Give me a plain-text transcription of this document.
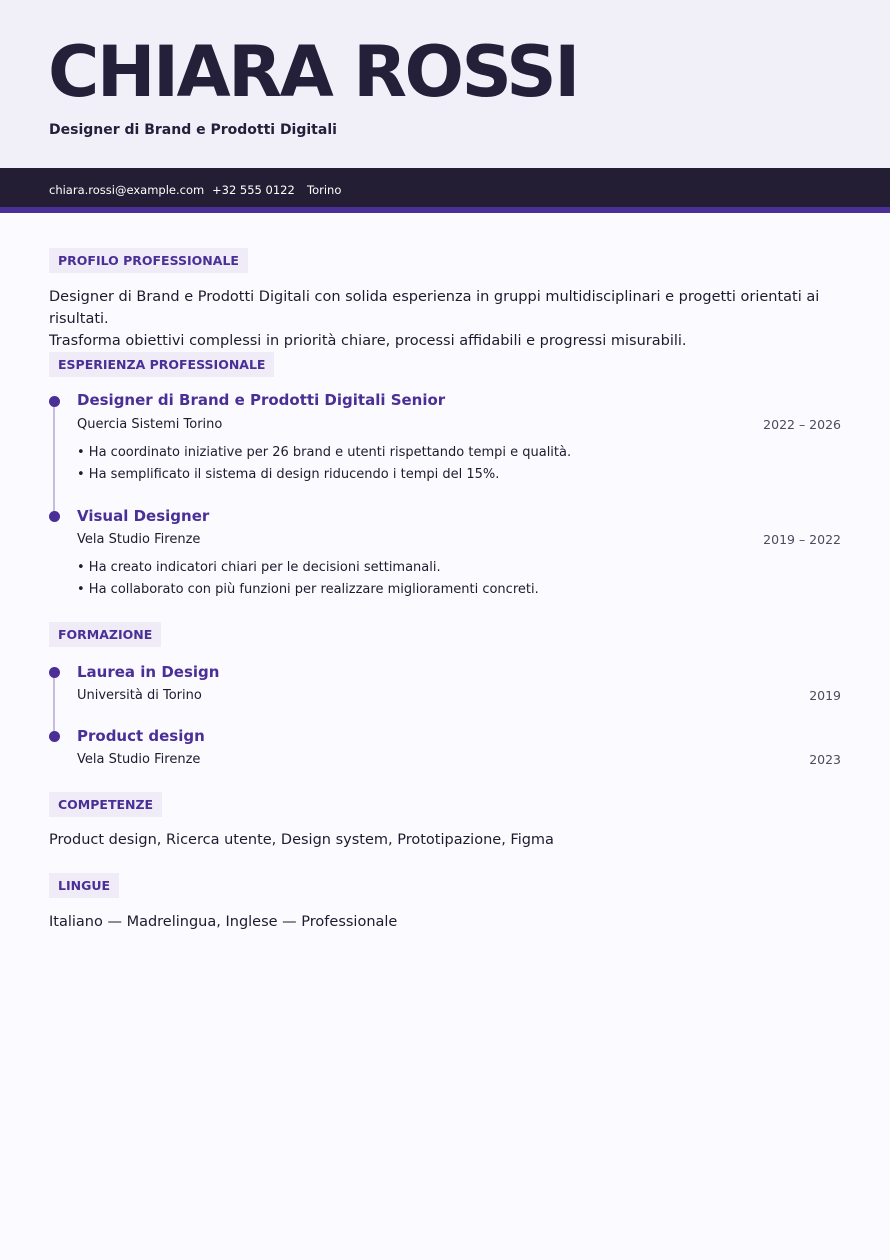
CHIARA ROSSI
Designer di Brand e Prodotti Digitali
chiara.rossi@example.com +32 555 0122 Torino
PROFILO PROFESSIONALE
Designer di Brand e Prodotti Digitali con solida esperienza in gruppi multidisciplinari e progetti orientati ai risultati.
Trasforma obiettivi complessi in priorità chiare, processi affidabili e progressi misurabili.
ESPERIENZA PROFESSIONALE
Designer di Brand e Prodotti Digitali Senior
Quercia Sistemi Torino	2022 – 2026
• Ha coordinato iniziative per 26 brand e utenti rispettando tempi e qualità.
• Ha semplificato il sistema di design riducendo i tempi del 15%.
Visual Designer
Vela Studio Firenze	2019 – 2022
• Ha creato indicatori chiari per le decisioni settimanali.
• Ha collaborato con più funzioni per realizzare miglioramenti concreti.
FORMAZIONE
Laurea in Design
Università di Torino	2019
Product design
Vela Studio Firenze	2023
COMPETENZE
Product design, Ricerca utente, Design system, Prototipazione, Figma
LINGUE
Italiano — Madrelingua, Inglese — Professionale
